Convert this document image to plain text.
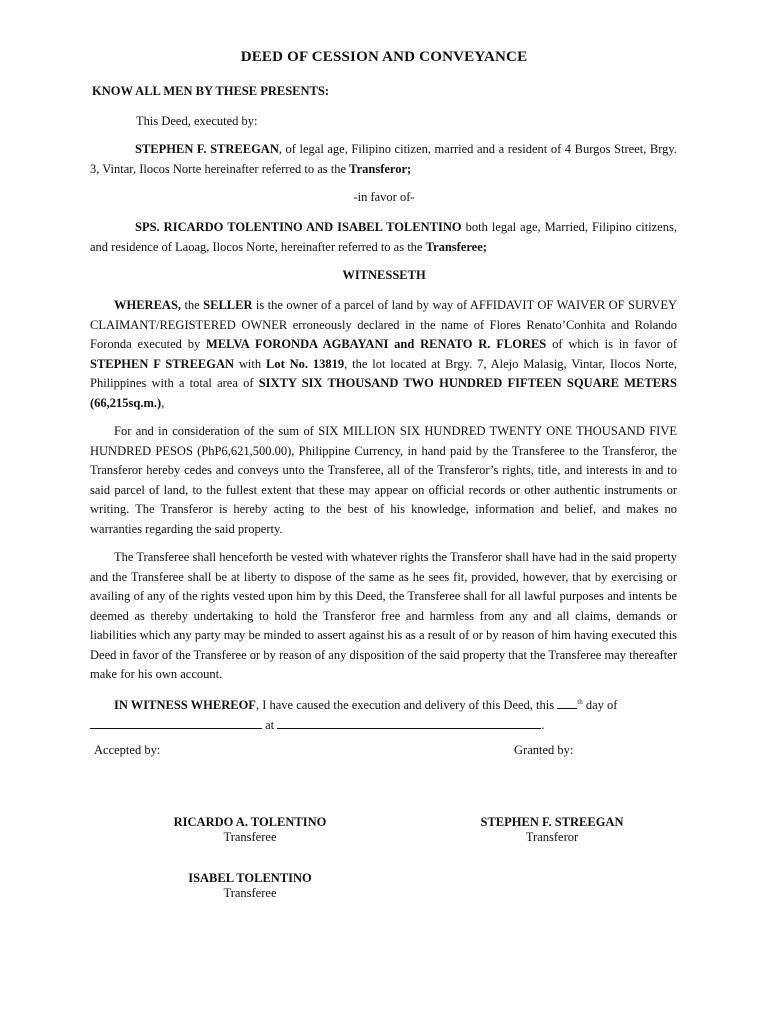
DEED OF CESSION AND CONVEYANCE
KNOW ALL MEN BY THESE PRESENTS:
This Deed, executed by:

STEPHEN F. STREEGAN, of legal age, Filipino citizen, married and a resident of 4 Burgos Street, Brgy. 3, Vintar, Ilocos Norte hereinafter referred to as the Transferor;

-in favor of-

SPS. RICARDO TOLENTINO AND ISABEL TOLENTINO both legal age, Married, Filipino citizens, and residence of Laoag, Ilocos Norte, hereinafter referred to as the Transferee;

WITNESSETH

WHEREAS, the SELLER is the owner of a parcel of land by way of AFFIDAVIT OF WAIVER OF SURVEY CLAIMANT/REGISTERED OWNER erroneously declared in the name of Flores Renato’Conhita and Rolando Foronda executed by MELVA FORONDA AGBAYANI and RENATO R. FLORES of which is in favor of STEPHEN F STREEGAN with Lot No. 13819, the lot located at Brgy. 7, Alejo Malasig, Vintar, Ilocos Norte, Philippines with a total area of SIXTY SIX THOUSAND TWO HUNDRED FIFTEEN SQUARE METERS (66,215sq.m.),

For and in consideration of the sum of SIX MILLION SIX HUNDRED TWENTY ONE THOUSAND FIVE HUNDRED PESOS (PhP6,621,500.00), Philippine Currency, in hand paid by the Transferee to the Transferor, the Transferor hereby cedes and conveys unto the Transferee, all of the Transferor’s rights, title, and interests in and to said parcel of land, to the fullest extent that these may appear on official records or other authentic instruments or writing. The Transferor is hereby acting to the best of his knowledge, information and belief, and makes no warranties regarding the said property.

The Transferee shall henceforth be vested with whatever rights the Transferor shall have had in the said property and the Transferee shall be at liberty to dispose of the same as he sees fit, provided, however, that by exercising or availing of any of the rights vested upon him by this Deed, the Transferee shall for all lawful purposes and intents be deemed as thereby undertaking to hold the Transferor free and harmless from any and all claims, demands or liabilities which any party may be minded to assert against his as a result of or by reason of him having executed this Deed in favor of the Transferee or by reason of any disposition of the said property that the Transferee may thereafter make for his own account.

IN WITNESS WHEREOF, I have caused the execution and delivery of this Deed, this	$^{th}$ day of
at	.

Accepted by:	Granted by:
RICARDO A. TOLENTINO
Transferee
STEPHEN F. STREEGAN
Transferor
ISABEL TOLENTINO
Transferee
